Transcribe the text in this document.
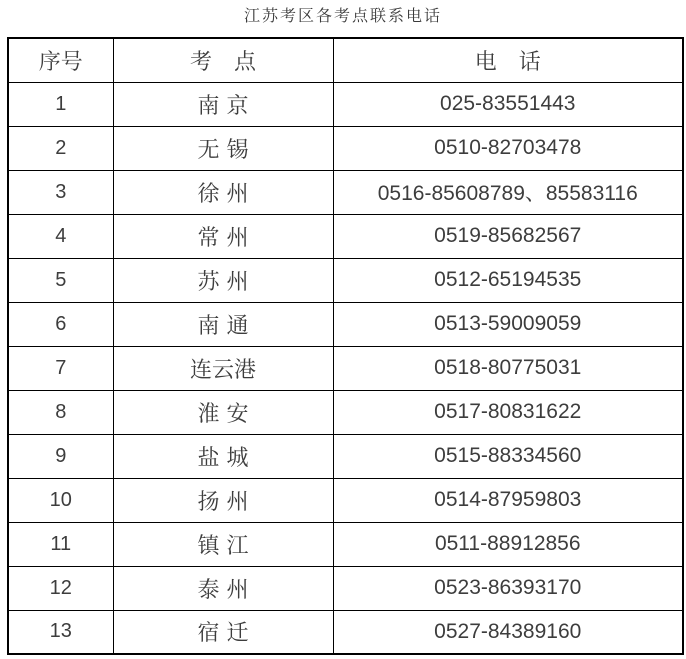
江苏考区各考点联系电话
序号	考　点	电　话
1	南 京	025-83551443
2	无 锡	0510-82703478
3	徐 州	0516-85608789、85583116
4	常 州	0519-85682567
5	苏 州	0512-65194535
6	南 通	0513-59009059
7	连云港	0518-80775031
8	淮 安	0517-80831622
9	盐 城	0515-88334560
10	扬 州	0514-87959803
11	镇 江	0511-88912856
12	泰 州	0523-86393170
13	宿 迁	0527-84389160
